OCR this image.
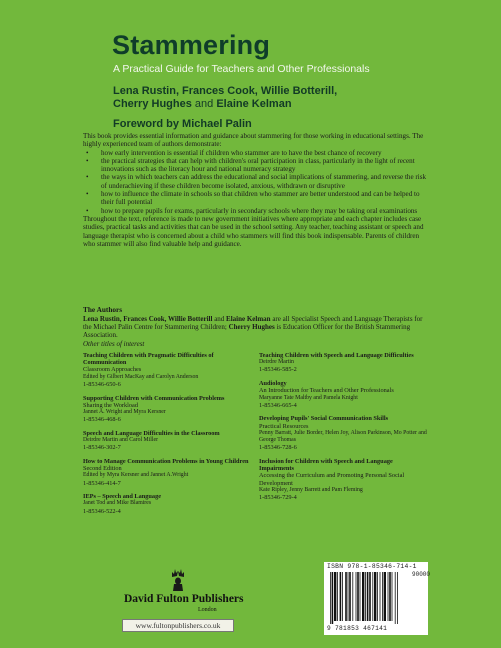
Stammering
A Practical Guide for Teachers and Other Professionals
Lena Rustin, Frances Cook, Willie Botterill,
Cherry Hughes and Elaine Kelman
Foreword by Michael Palin

This book provides essential information and guidance about stammering for those working in educational settings. The highly experienced team of authors demonstrate:

• how early intervention is essential if children who stammer are to have the best chance of recovery
• the practical strategies that can help with children's oral participation in class, particularly in the light of recent innovations such as the literacy hour and national numeracy strategy
• the ways in which teachers can address the educational and social implications of stammering, and reverse the risk of underachieving if these children become isolated, anxious, withdrawn or disruptive
• how to influence the climate in schools so that children who stammer are better understood and can be helped to their full potential
• how to prepare pupils for exams, particularly in secondary schools where they may be taking oral examinations

Throughout the text, reference is made to new government initiatives where appropriate and each chapter includes case studies, practical tasks and activities that can be used in the school setting. Any teacher, teaching assistant or speech and language therapist who is concerned about a child who stammers will find this book indispensable. Parents of children who stammer will also find valuable help and guidance.

The Authors
Lena Rustin, Frances Cook, Willie Botterill and Elaine Kelman are all Specialist Speech and Language Therapists for the Michael Palin Centre for Stammering Children; Cherry Hughes is Education Officer for the British Stammering Association.
Other titles of interest
Teaching Children with Pragmatic Difficulties of Communication
Classroom Approaches
Edited by Gilbert MacKay and Carolyn Anderson
1-85346-650-6
Supporting Children with Communication Problems
Sharing the Workload
Jannet A. Wright and Myra Kersner
1-85346-468-6
Speech and Language Difficulties in the Classroom
Deirdre Martin and Carol Miller
1-85346-302-7
How to Manage Communication Problems in Young Children
Second Edition
Edited by Myra Kersner and Jannet A.Wright
1-85346-414-7
IEPs – Speech and Language
Janet Tod and Mike Blamires
1-85346-522-4
Teaching Children with Speech and Language Difficulties
Deirdre Martin
1-85346-585-2
Audiology
An Introduction for Teachers and Other Professionals
Maryanne Tate Maltby and Pamela Knight
1-85346-665-4
Developing Pupils' Social Communication Skills
Practical Resources
Penny Barratt, Julie Border, Helen Joy, Alison Parkinson, Mo Potter and George Thomas
1-85346-728-6
Inclusion for Children with Speech and Language Impairments
Accessing the Curriculum and Promoting Personal Social Development
Kate Ripley, Jenny Barrett and Pam Fleming
1-85346-729-4
David Fulton Publishers
London
www.fultonpublishers.co.uk
ISBN 978-1-85346-714-1
90000
9 781853 467141
